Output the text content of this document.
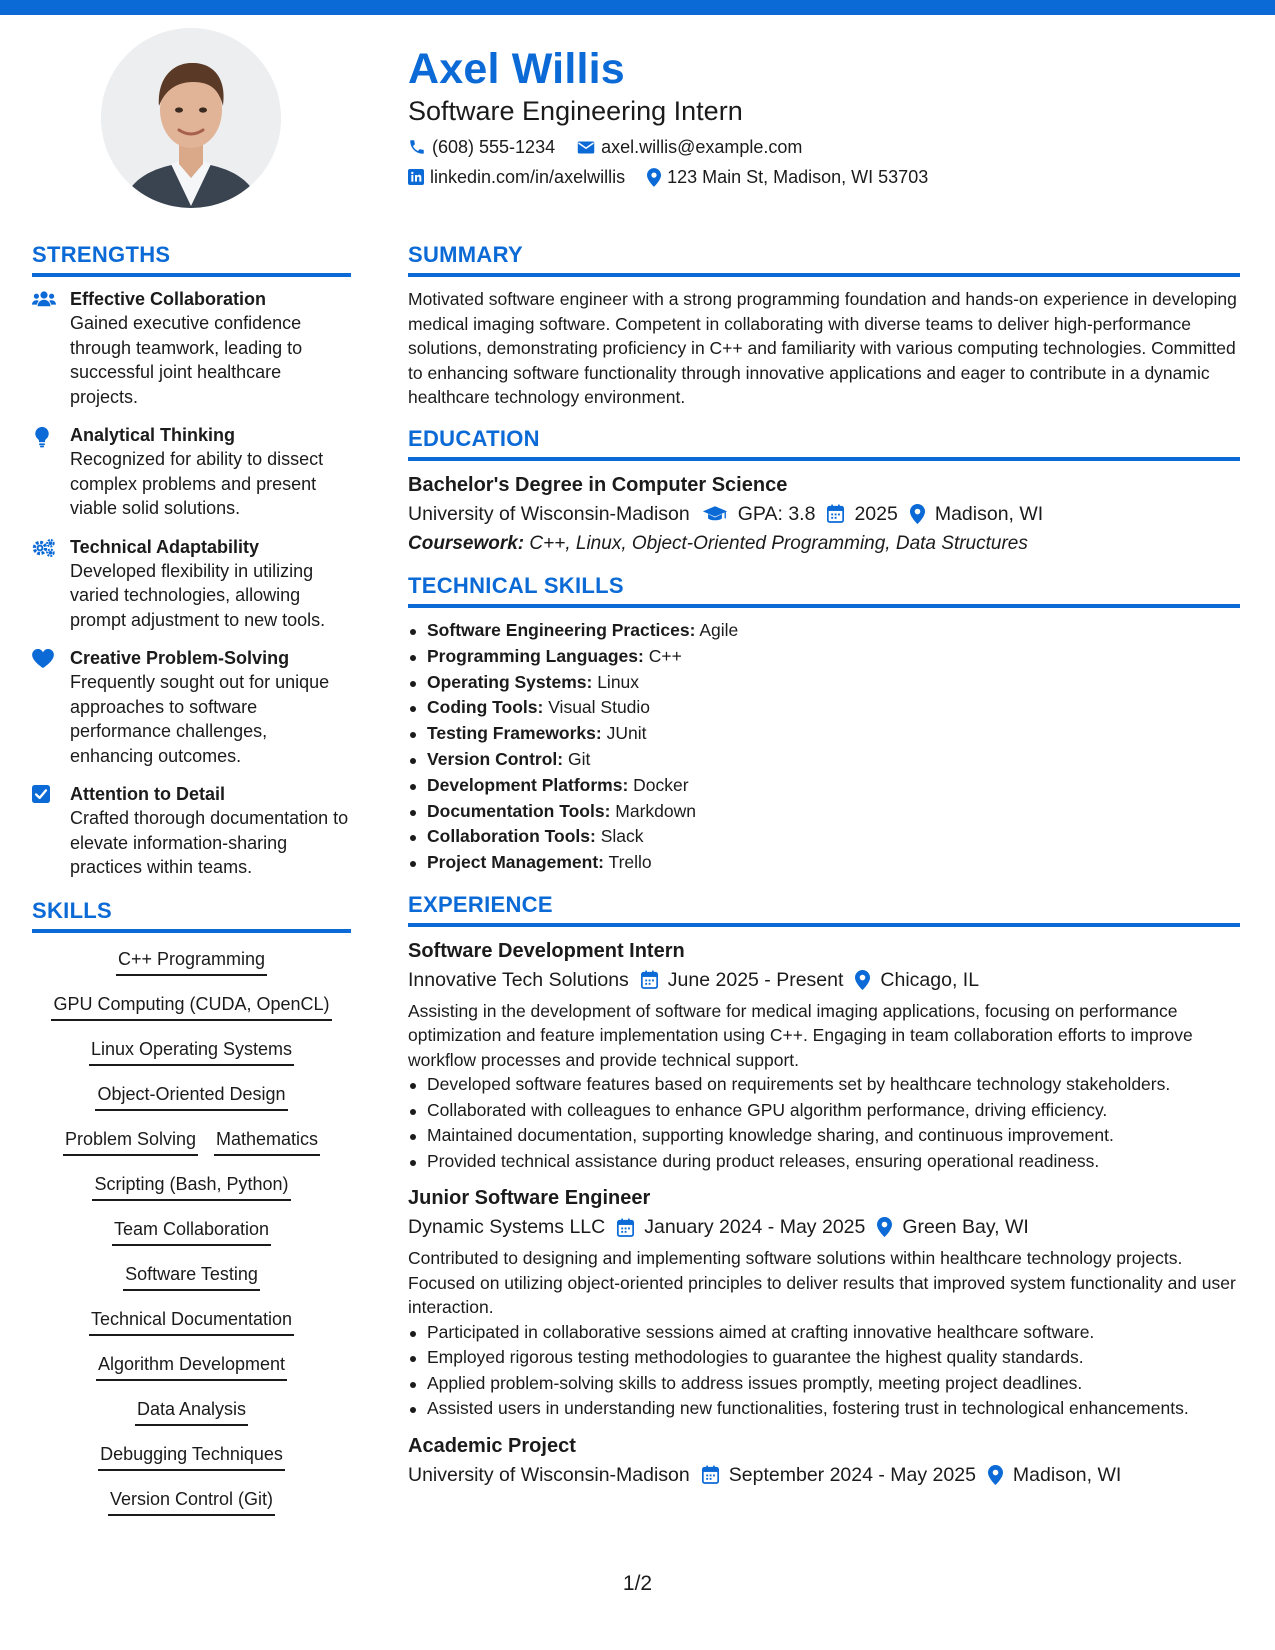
Axel Willis
Software Engineering Intern
(608) 555-1234	axel.willis@example.com
linkedin.com/in/axelwillis 123 Main St, Madison, WI 53703
STRENGTHS
Effective Collaboration
Gained executive confidence through teamwork, leading to successful joint healthcare projects.
Analytical Thinking
Recognized for ability to dissect complex problems and present viable solid solutions.
Technical Adaptability
Developed flexibility in utilizing varied technologies, allowing prompt adjustment to new tools.
Creative Problem-Solving
Frequently sought out for unique approaches to software performance challenges, enhancing outcomes.
Attention to Detail
Crafted thorough documentation to elevate information-sharing practices within teams.
SKILLS
C++ Programming
GPU Computing (CUDA, OpenCL)
Linux Operating Systems
Object-Oriented Design
Problem Solving Mathematics
Scripting (Bash, Python)
Team Collaboration
Software Testing
Technical Documentation
Algorithm Development
Data Analysis
Debugging Techniques
Version Control (Git)
SUMMARY
Motivated software engineer with a strong programming foundation and hands-on experience in developing medical imaging software. Competent in collaborating with diverse teams to deliver high-performance solutions, demonstrating proficiency in C++ and familiarity with various computing technologies. Committed to enhancing software functionality through innovative applications and eager to contribute in a dynamic healthcare technology environment.
EDUCATION
Bachelor's Degree in Computer Science
University of Wisconsin-Madison GPA: 3.8 2025 Madison, WI
Coursework: C++, Linux, Object-Oriented Programming, Data Structures
TECHNICAL SKILLS
Software Engineering Practices: Agile
Programming Languages: C++
Operating Systems: Linux
Coding Tools: Visual Studio
Testing Frameworks: JUnit
Version Control: Git
Development Platforms: Docker
Documentation Tools: Markdown
Collaboration Tools: Slack
Project Management: Trello
EXPERIENCE
Software Development Intern
Innovative Tech Solutions June 2025 - Present Chicago, IL
Assisting in the development of software for medical imaging applications, focusing on performance optimization and feature implementation using C++. Engaging in team collaboration efforts to improve workflow processes and provide technical support.
Developed software features based on requirements set by healthcare technology stakeholders.
Collaborated with colleagues to enhance GPU algorithm performance, driving efficiency.
Maintained documentation, supporting knowledge sharing, and continuous improvement.
Provided technical assistance during product releases, ensuring operational readiness.
Junior Software Engineer
Dynamic Systems LLC January 2024 - May 2025 Green Bay, WI
Contributed to designing and implementing software solutions within healthcare technology projects. Focused on utilizing object-oriented principles to deliver results that improved system functionality and user interaction.
Participated in collaborative sessions aimed at crafting innovative healthcare software.
Employed rigorous testing methodologies to guarantee the highest quality standards.
Applied problem-solving skills to address issues promptly, meeting project deadlines.
Assisted users in understanding new functionalities, fostering trust in technological enhancements.
Academic Project
University of Wisconsin-Madison September 2024 - May 2025 Madison, WI
1/2
